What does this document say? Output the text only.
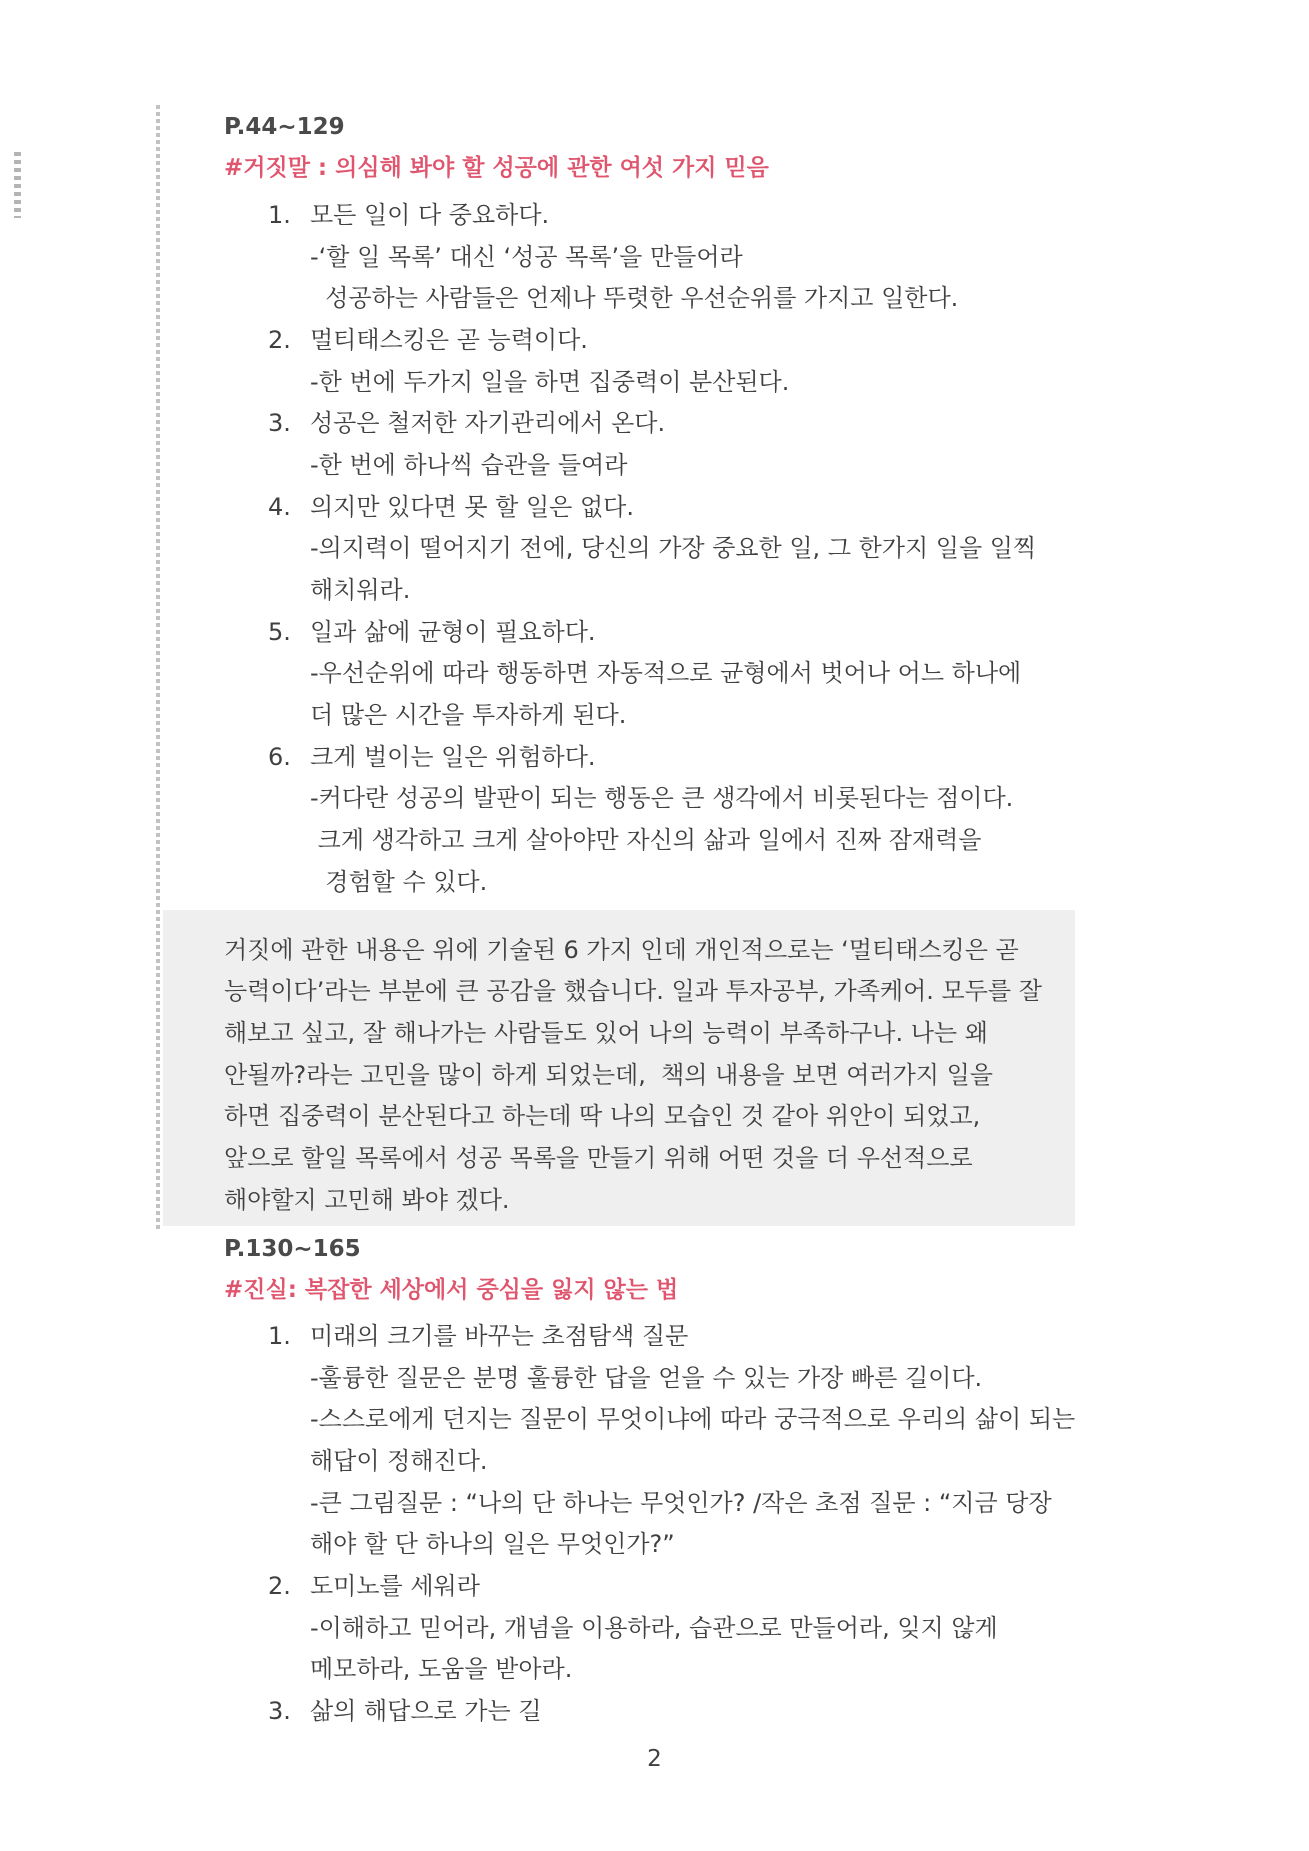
P.44~129
#거짓말 : 의심해 봐야 할 성공에 관한 여섯 가지 믿음
1. 모든 일이 다 중요하다.
-‘할 일 목록’ 대신 ‘성공 목록’을 만들어라
성공하는 사람들은 언제나 뚜렷한 우선순위를 가지고 일한다.
2. 멀티태스킹은 곧 능력이다.
-한 번에 두가지 일을 하면 집중력이 분산된다.
3. 성공은 철저한 자기관리에서 온다.
-한 번에 하나씩 습관을 들여라
4. 의지만 있다면 못 할 일은 없다.
-의지력이 떨어지기 전에, 당신의 가장 중요한 일, 그 한가지 일을 일찍
해치워라.
5. 일과 삶에 균형이 필요하다.
-우선순위에 따라 행동하면 자동적으로 균형에서 벗어나 어느 하나에
더 많은 시간을 투자하게 된다.
6. 크게 벌이는 일은 위험하다.
-커다란 성공의 발판이 되는 행동은 큰 생각에서 비롯된다는 점이다.
크게 생각하고 크게 살아야만 자신의 삶과 일에서 진짜 잠재력을
경험할 수 있다.
거짓에 관한 내용은 위에 기술된 6 가지 인데 개인적으로는 ‘멀티태스킹은 곧
능력이다’라는 부분에 큰 공감을 했습니다. 일과 투자공부, 가족케어. 모두를 잘
해보고 싶고, 잘 해나가는 사람들도 있어 나의 능력이 부족하구나. 나는 왜
안될까?라는 고민을 많이 하게 되었는데,  책의 내용을 보면 여러가지 일을
하면 집중력이 분산된다고 하는데 딱 나의 모습인 것 같아 위안이 되었고,
앞으로 할일 목록에서 성공 목록을 만들기 위해 어떤 것을 더 우선적으로
해야할지 고민해 봐야 겠다.
P.130~165
#진실: 복잡한 세상에서 중심을 잃지 않는 법
1. 미래의 크기를 바꾸는 초점탐색 질문
-훌륭한 질문은 분명 훌륭한 답을 얻을 수 있는 가장 빠른 길이다.
-스스로에게 던지는 질문이 무엇이냐에 따라 궁극적으로 우리의 삶이 되는
해답이 정해진다.
-큰 그림질문 : “나의 단 하나는 무엇인가? /작은 초점 질문 : “지금 당장
해야 할 단 하나의 일은 무엇인가?”
2. 도미노를 세워라
-이해하고 믿어라, 개념을 이용하라, 습관으로 만들어라, 잊지 않게
메모하라, 도움을 받아라.
3. 삶의 해답으로 가는 길
2
